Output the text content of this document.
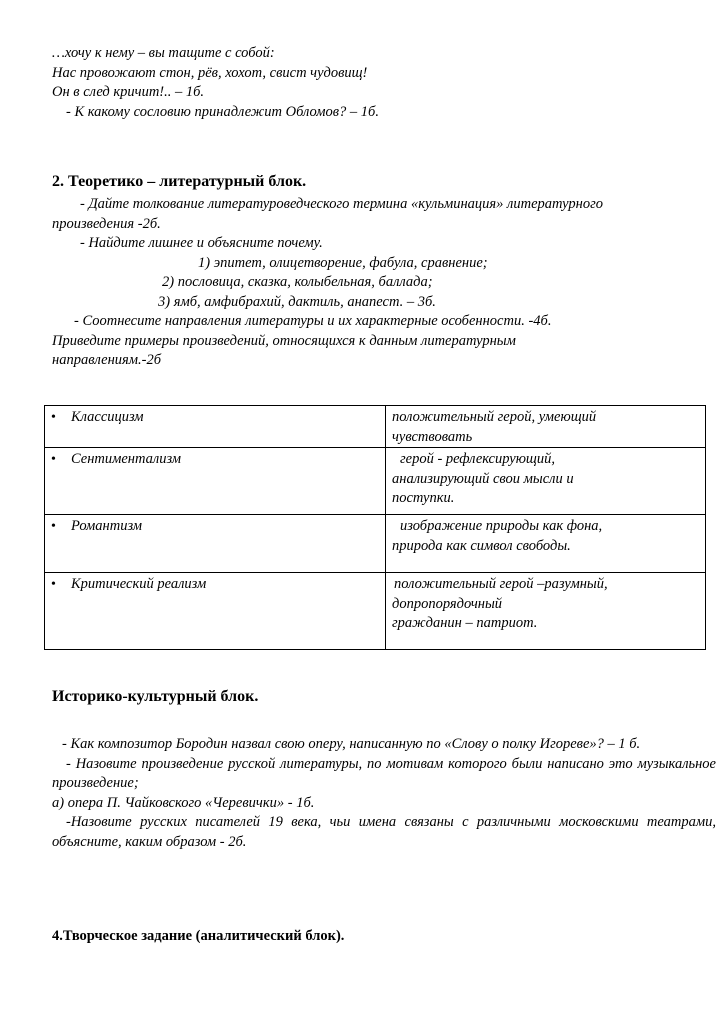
…хочу к нему – вы тащите с собой:
Нас провожают стон, рёв, хохот, свист чудовищ!
Он в след кричит!.. – 1б.
- К какому сословию принадлежит Обломов? – 1б.
2. Теоретико – литературный блок.
- Дайте толкование литературоведческого термина «кульминация» литературного
произведения -2б.
- Найдите лишнее и объясните почему.
1) эпитет, олицетворение, фабула, сравнение;
2) пословица, сказка, колыбельная, баллада;
3) ямб, амфибрахий, дактиль, анапест. – 3б.
- Соотнесите направления литературы и их характерные особенности. -4б.
Приведите примеры произведений, относящихся к данным литературным
направлениям.-2б
• Классицизм	положительный герой, умеющий
чувствовать

• Сентиментализм	герой - рефлексирующий,
анализирующий свои мысли и
поступки.

• Романтизм	изображение природы как фона,
природа как символ свободы.

• Критический реализм	положительный герой –разумный,
допропорядочный
гражданин – патриот.
Историко-культурный блок.
- Как композитор Бородин назвал свою оперу, написанную по «Слову о полку Игореве»? – 1 б.
- Назовите произведение русской литературы, по мотивам которого были написано это музыкальное произведение;
а) опера П. Чайковского «Черевички» - 1б.
-Назовите русских писателей 19 века, чьи имена связаны с различными московскими театрами, объясните, каким образом - 2б.
4.Творческое задание (аналитический блок).
